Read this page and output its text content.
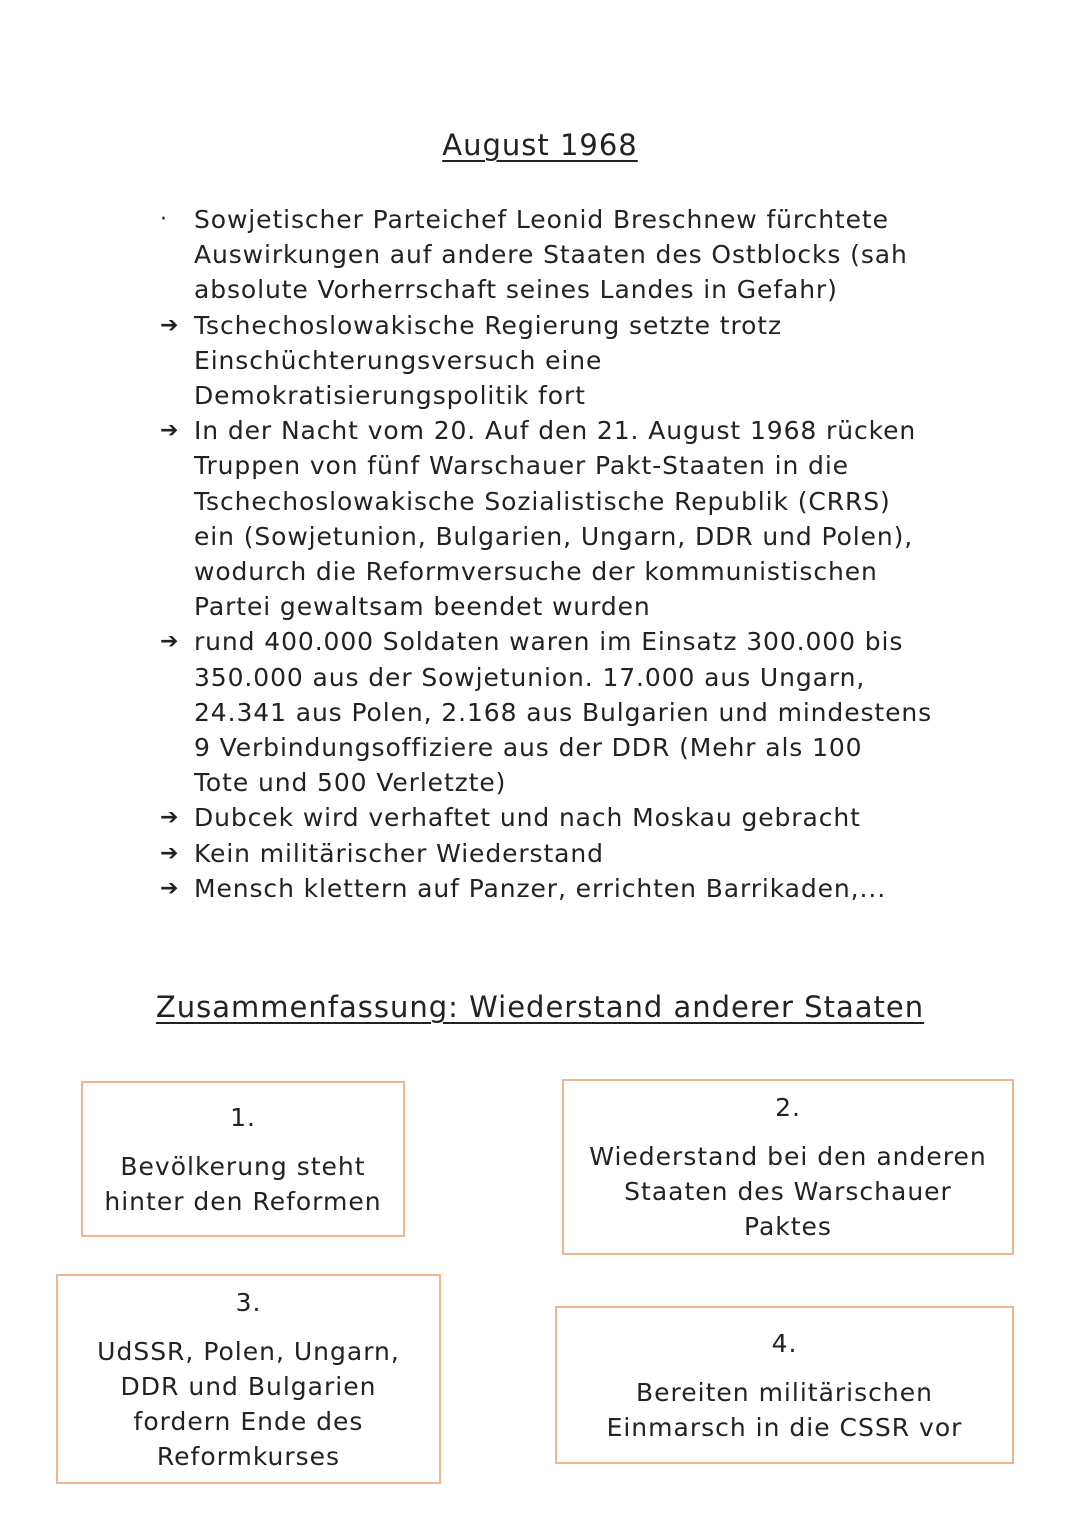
August 1968
·	Sowjetischer Parteichef Leonid Breschnew fürchtete
Auswirkungen auf andere Staaten des Ostblocks (sah
absolute Vorherrschaft seines Landes in Gefahr)
➔ Tschechoslowakische Regierung setzte trotz
Einschüchterungsversuch eine
Demokratisierungspolitik fort
➔ In der Nacht vom 20. Auf den 21. August 1968 rücken
Truppen von fünf Warschauer Pakt-Staaten in die
Tschechoslowakische Sozialistische Republik (CRRS)
ein (Sowjetunion, Bulgarien, Ungarn, DDR und Polen),
wodurch die Reformversuche der kommunistischen
Partei gewaltsam beendet wurden
➔ rund 400.000 Soldaten waren im Einsatz 300.000 bis
350.000 aus der Sowjetunion. 17.000 aus Ungarn,
24.341 aus Polen, 2.168 aus Bulgarien und mindestens
9 Verbindungsoffiziere aus der DDR (Mehr als 100
Tote und 500 Verletzte)
➔ Dubcek wird verhaftet und nach Moskau gebracht
➔ Kein militärischer Wiederstand
➔ Mensch klettern auf Panzer, errichten Barrikaden,...
Zusammenfassung: Wiederstand anderer Staaten
1.
Bevölkerung steht
hinter den Reformen
2.
Wiederstand bei den anderen
Staaten des Warschauer
Paktes
3.
UdSSR, Polen, Ungarn,
DDR und Bulgarien
fordern Ende des
Reformkurses
4.
Bereiten militärischen
Einmarsch in die CSSR vor
